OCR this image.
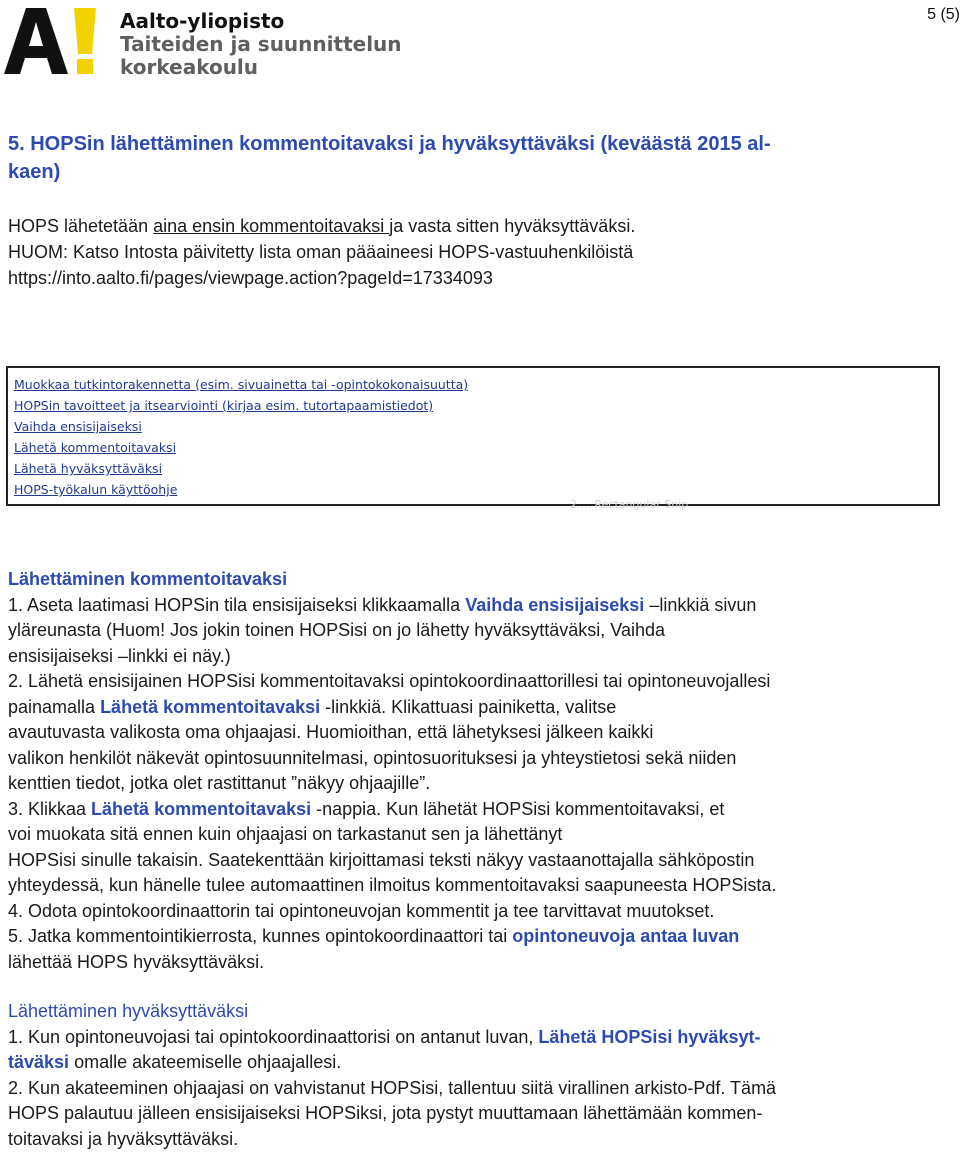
Aalto-yliopisto
Taiteiden ja suunnittelun
korkeakoulu
5 (5)
5. HOPSin lähettäminen kommentoitavaksi ja hyväksyttäväksi (keväästä 2015 al-
kaen)

HOPS lähetetään aina ensin kommentoitavaksi ja vasta sitten hyväksyttäväksi.

HUOM: Katso Intosta päivitetty lista oman pääaineesi HOPS-vastuuhenkilöistä

https://into.aalto.fi/pages/viewpage.action?pageId=17334093

Muokkaa tutkintorakennetta (esim. sivuainetta tai -opintokokonaisuutta)
HOPSin tavoitteet ja itsearviointi (kirjaa esim. tutortapaamistiedot)
Vaihda ensisijaiseksi
Lähetä kommentoitavaksi
Lähetä hyväksyttäväksi
HOPS-työkalun käyttöohje
2.... Rectangular Snip
Lähettäminen kommentoitavaksi
1. Aseta laatimasi HOPSin tila ensisijaiseksi klikkaamalla Vaihda ensisijaiseksi –linkkiä sivun
yläreunasta (Huom! Jos jokin toinen HOPSisi on jo lähetty hyväksyttäväksi, Vaihda
ensisijaiseksi –linkki ei näy.)
2. Lähetä ensisijainen HOPSisi kommentoitavaksi opintokoordinaattorillesi tai opintoneuvojallesi
painamalla Lähetä kommentoitavaksi -linkkiä. Klikattuasi painiketta, valitse
avautuvasta valikosta oma ohjaajasi. Huomioithan, että lähetyksesi jälkeen kaikki
valikon henkilöt näkevät opintosuunnitelmasi, opintosuorituksesi ja yhteystietosi sekä niiden
kenttien tiedot, jotka olet rastittanut ”näkyy ohjaajille”.
3. Klikkaa Lähetä kommentoitavaksi -nappia. Kun lähetät HOPSisi kommentoitavaksi, et
voi muokata sitä ennen kuin ohjaajasi on tarkastanut sen ja lähettänyt
HOPSisi sinulle takaisin. Saatekenttään kirjoittamasi teksti näkyy vastaanottajalla sähköpostin
yhteydessä, kun hänelle tulee automaattinen ilmoitus kommentoitavaksi saapuneesta HOPSista.
4. Odota opintokoordinaattorin tai opintoneuvojan kommentit ja tee tarvittavat muutokset.
5. Jatka kommentointikierrosta, kunnes opintokoordinaattori tai opintoneuvoja antaa luvan
lähettää HOPS hyväksyttäväksi.
Lähettäminen hyväksyttäväksi
1. Kun opintoneuvojasi tai opintokoordinaattorisi on antanut luvan, Lähetä HOPSisi hyväksyt-
täväksi omalle akateemiselle ohjaajallesi.
2. Kun akateeminen ohjaajasi on vahvistanut HOPSisi, tallentuu siitä virallinen arkisto-Pdf. Tämä
HOPS palautuu jälleen ensisijaiseksi HOPSiksi, jota pystyt muuttamaan lähettämään kommen-
toitavaksi ja hyväksyttäväksi.
